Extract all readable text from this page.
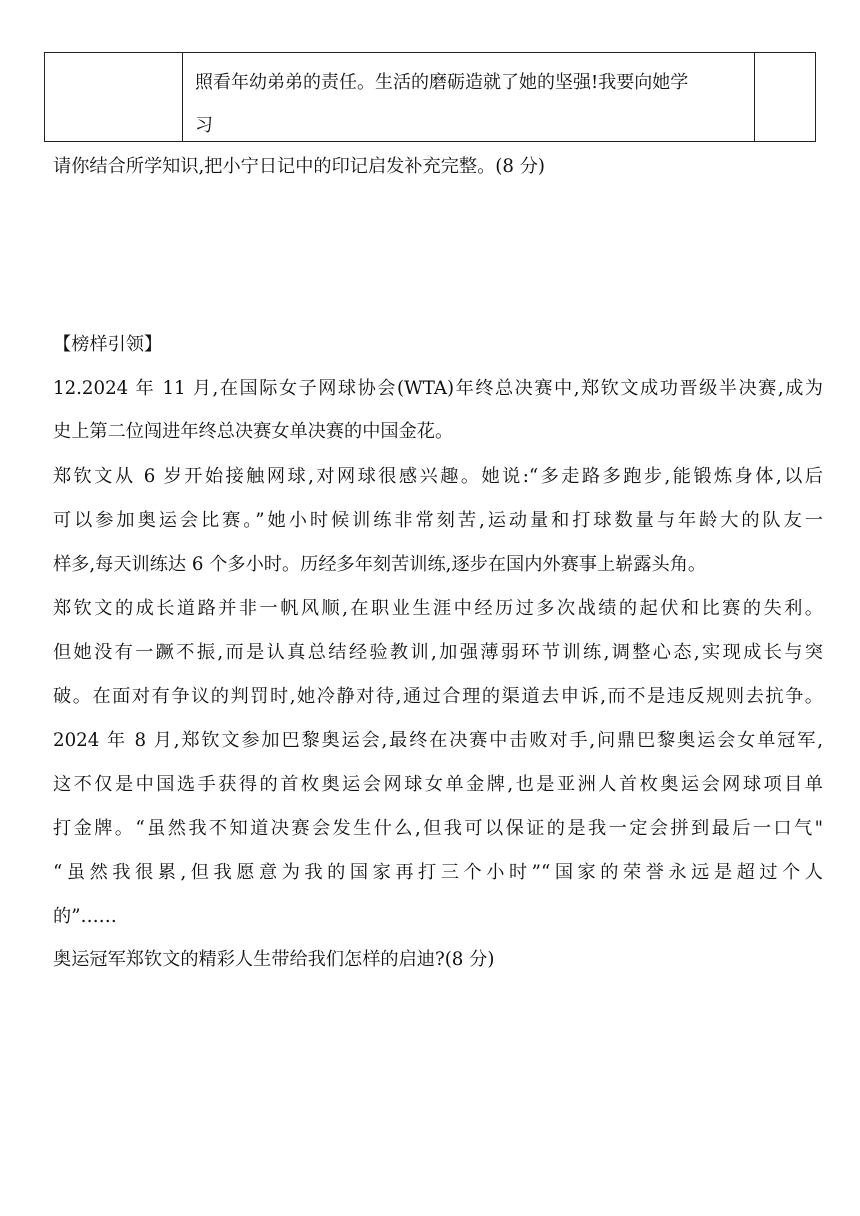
照看年幼弟弟的责任。生活的磨砺造就了她的坚强!我要向她学
习
请你结合所学知识,把小宁日记中的印记启发补充完整。(8 分)
【榜样引领】
12.2024 年 11 月,在国际女子网球协会(WTA)年终总决赛中,郑钦文成功晋级半决赛,成为
史上第二位闯进年终总决赛女单决赛的中国金花。
郑钦文从 6 岁开始接触网球,对网球很感兴趣。她说:“多走路多跑步,能锻炼身体,以后
可以参加奥运会比赛。”她小时候训练非常刻苦,运动量和打球数量与年龄大的队友一
样多,每天训练达 6 个多小时。历经多年刻苦训练,逐步在国内外赛事上崭露头角。
郑钦文的成长道路并非一帆风顺,在职业生涯中经历过多次战绩的起伏和比赛的失利。
但她没有一蹶不振,而是认真总结经验教训,加强薄弱环节训练,调整心态,实现成长与突
破。在面对有争议的判罚时,她冷静对待,通过合理的渠道去申诉,而不是违反规则去抗争。
2024 年 8 月,郑钦文参加巴黎奥运会,最终在决赛中击败对手,问鼎巴黎奥运会女单冠军,
这不仅是中国选手获得的首枚奥运会网球女单金牌,也是亚洲人首枚奥运会网球项目单
打金牌。“虽然我不知道决赛会发生什么,但我可以保证的是我一定会拼到最后一口气"
“虽然我很累,但我愿意为我的国家再打三个小时”“国家的荣誉永远是超过个人
的”……
奥运冠军郑钦文的精彩人生带给我们怎样的启迪?(8 分)
